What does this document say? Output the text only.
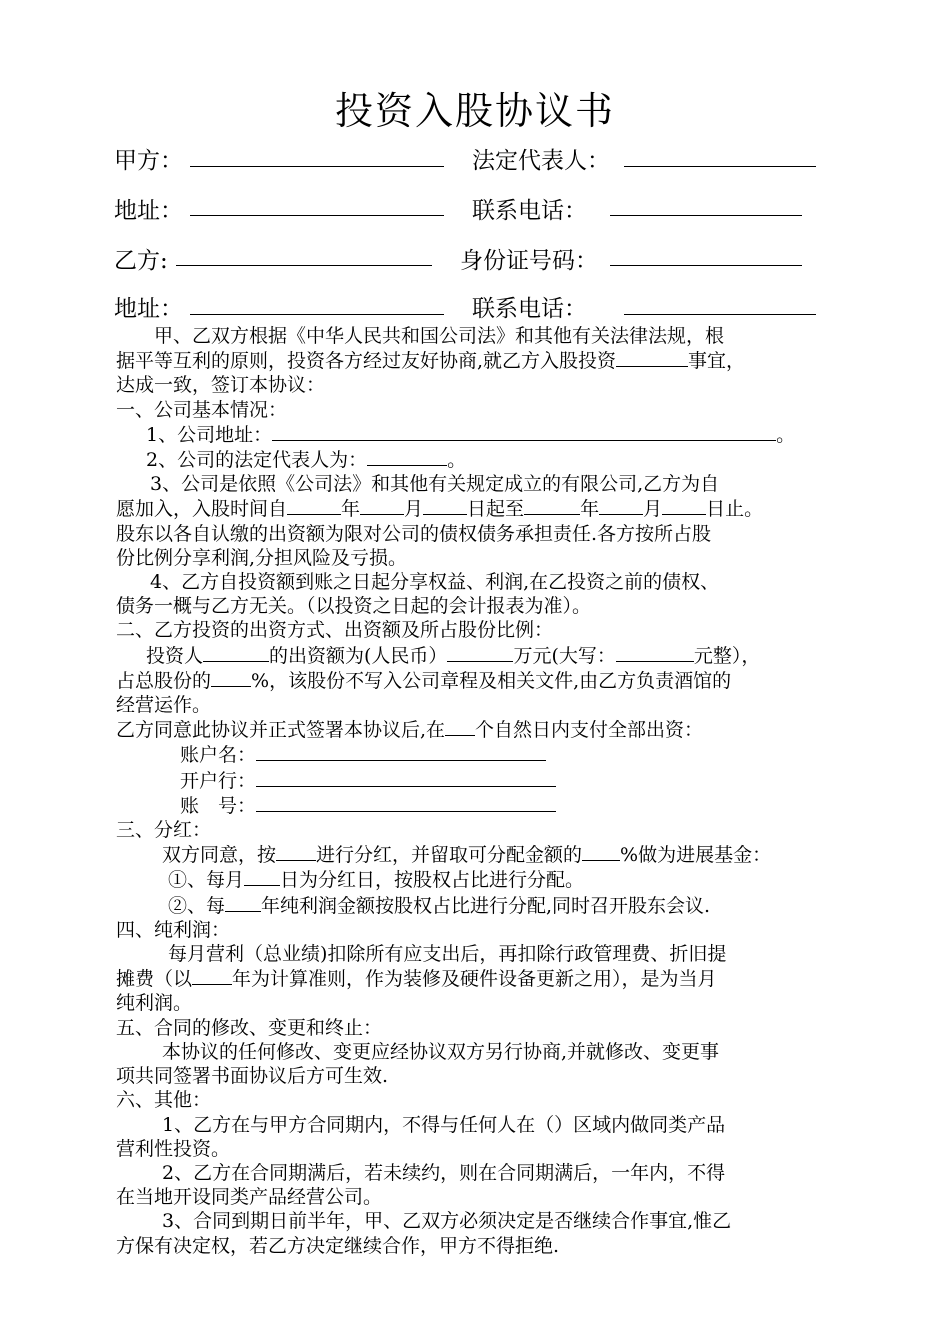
投资入股协议书
甲方：	法定代表人：
地址：	联系电话：
乙方:	身份证号码：
地址：	联系电话：

甲、乙双方根据《中华人民共和国公司法》和其他有关法律法规，根

据平等互利的原则，投资各方经过友好协商,就乙方入股投资	事宜，

达成一致，签订本协议：

一、公司基本情况：

1、公司地址：	。

2、公司的法定代表人为：	。

3、公司是依照《公司法》和其他有关规定成立的有限公司,乙方为自

愿加入，入股时间自	年 月 日起至	年 月 日止。

股东以各自认缴的出资额为限对公司的债权债务承担责任.各方按所占股

份比例分享利润,分担风险及亏损。

4、乙方自投资额到账之日起分享权益、利润,在乙投资之前的债权、

债务一概与乙方无关。（以投资之日起的会计报表为准）。

二、乙方投资的出资方式、出资额及所占股份比例：

投资人	的出资额为(人民币）	万元(大写：	元整），

占总股份的 %，该股份不写入公司章程及相关文件,由乙方负责酒馆的

经营运作。

乙方同意此协议并正式签署本协议后,在 个自然日内支付全部出资：

账户名：

开户行：

账　号：

三、分红：

双方同意，按 进行分红，并留取可分配金额的 %做为进展基金：

①、每月 日为分红日，按股权占比进行分配。

②、每 年纯利润金额按股权占比进行分配,同时召开股东会议.

四、纯利润：

每月营利（总业绩)扣除所有应支出后，再扣除行政管理费、折旧提

摊费（以 年为计算准则，作为装修及硬件设备更新之用），是为当月

纯利润。

五、合同的修改、变更和终止：

本协议的任何修改、变更应经协议双方另行协商,并就修改、变更事

项共同签署书面协议后方可生效.

六、其他：

1、乙方在与甲方合同期内，不得与任何人在（）区域内做同类产品

营利性投资。

2、乙方在合同期满后，若未续约，则在合同期满后，一年内，不得

在当地开设同类产品经营公司。

3、合同到期日前半年，甲、乙双方必须决定是否继续合作事宜,惟乙

方保有决定权，若乙方决定继续合作，甲方不得拒绝.
